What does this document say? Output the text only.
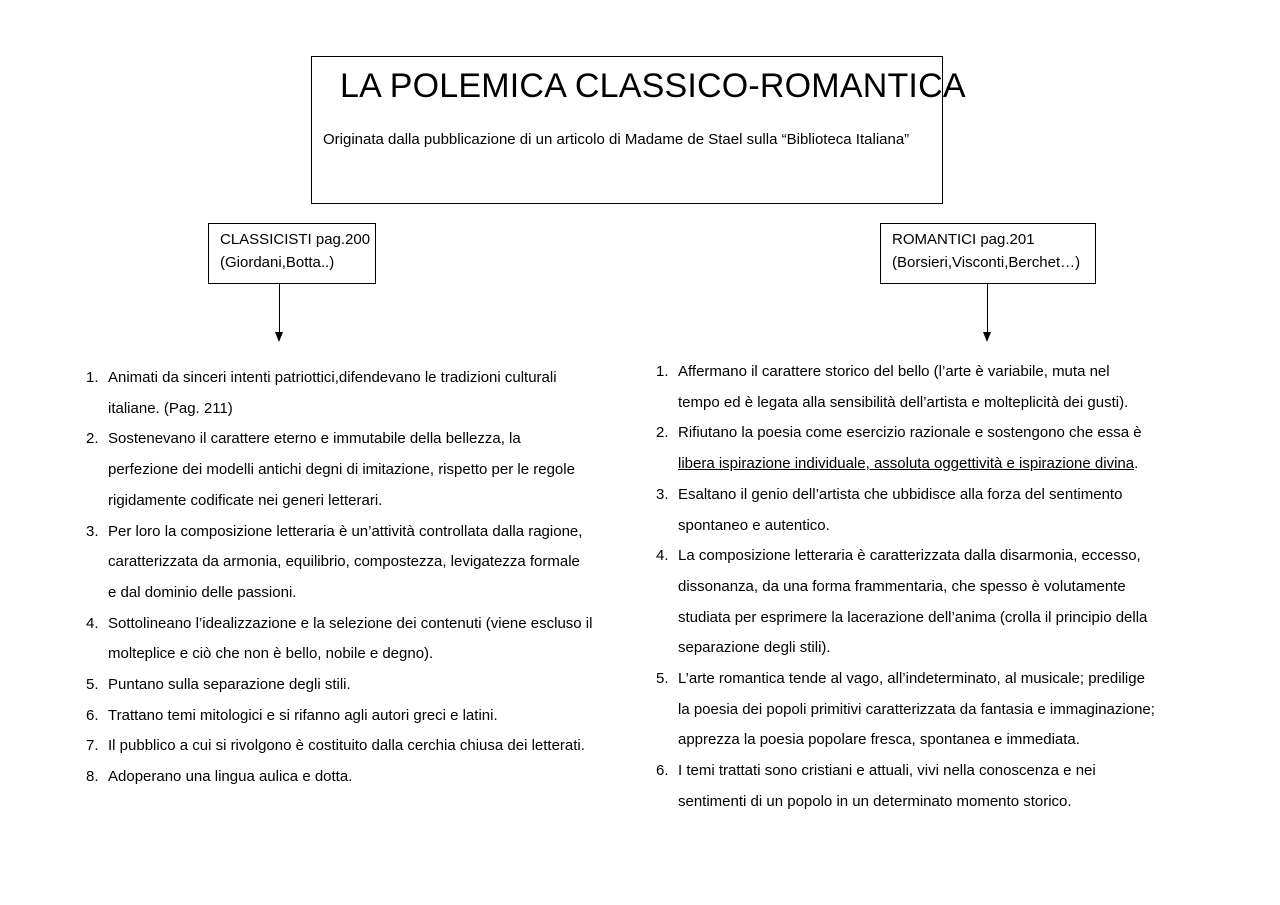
LA POLEMICA CLASSICO-ROMANTICA
Originata dalla pubblicazione di un articolo di Madame de Stael sulla “Biblioteca Italiana”
CLASSICISTI pag.200
(Giordani,Botta..)
ROMANTICI pag.201
(Borsieri,Visconti,Berchet…)
1. Animati da sinceri intenti patriottici,difendevano le tradizioni culturali
italiane. (Pag. 211)
2. Sostenevano il carattere eterno e immutabile della bellezza, la
perfezione dei modelli antichi degni di imitazione, rispetto per le regole
rigidamente codificate nei generi letterari.
3. Per loro la composizione letteraria è un’attività controllata dalla ragione,
caratterizzata da armonia, equilibrio, compostezza, levigatezza formale
e dal dominio delle passioni.
4. Sottolineano l’idealizzazione e la selezione dei contenuti (viene escluso il
molteplice e ciò che non è bello, nobile e degno).
5. Puntano sulla separazione degli stili.
6. Trattano temi mitologici e si rifanno agli autori greci e latini.
7. Il pubblico a cui si rivolgono è costituito dalla cerchia chiusa dei letterati.
8. Adoperano una lingua aulica e dotta.
1. Affermano il carattere storico del bello (l’arte è variabile, muta nel
tempo ed è legata alla sensibilità dell’artista e molteplicità dei gusti).
2. Rifiutano la poesia come esercizio razionale e sostengono che essa è
libera ispirazione individuale, assoluta oggettività e ispirazione divina.
3. Esaltano il genio dell’artista che ubbidisce alla forza del sentimento
spontaneo e autentico.
4. La composizione letteraria è caratterizzata dalla disarmonia, eccesso,
dissonanza, da una forma frammentaria, che spesso è volutamente
studiata per esprimere la lacerazione dell’anima (crolla il principio della
separazione degli stili).
5. L’arte romantica tende al vago, all’indeterminato, al musicale; predilige
la poesia dei popoli primitivi caratterizzata da fantasia e immaginazione;
apprezza la poesia popolare fresca, spontanea e immediata.
6. I temi trattati sono cristiani e attuali, vivi nella conoscenza e nei
sentimenti di un popolo in un determinato momento storico.
